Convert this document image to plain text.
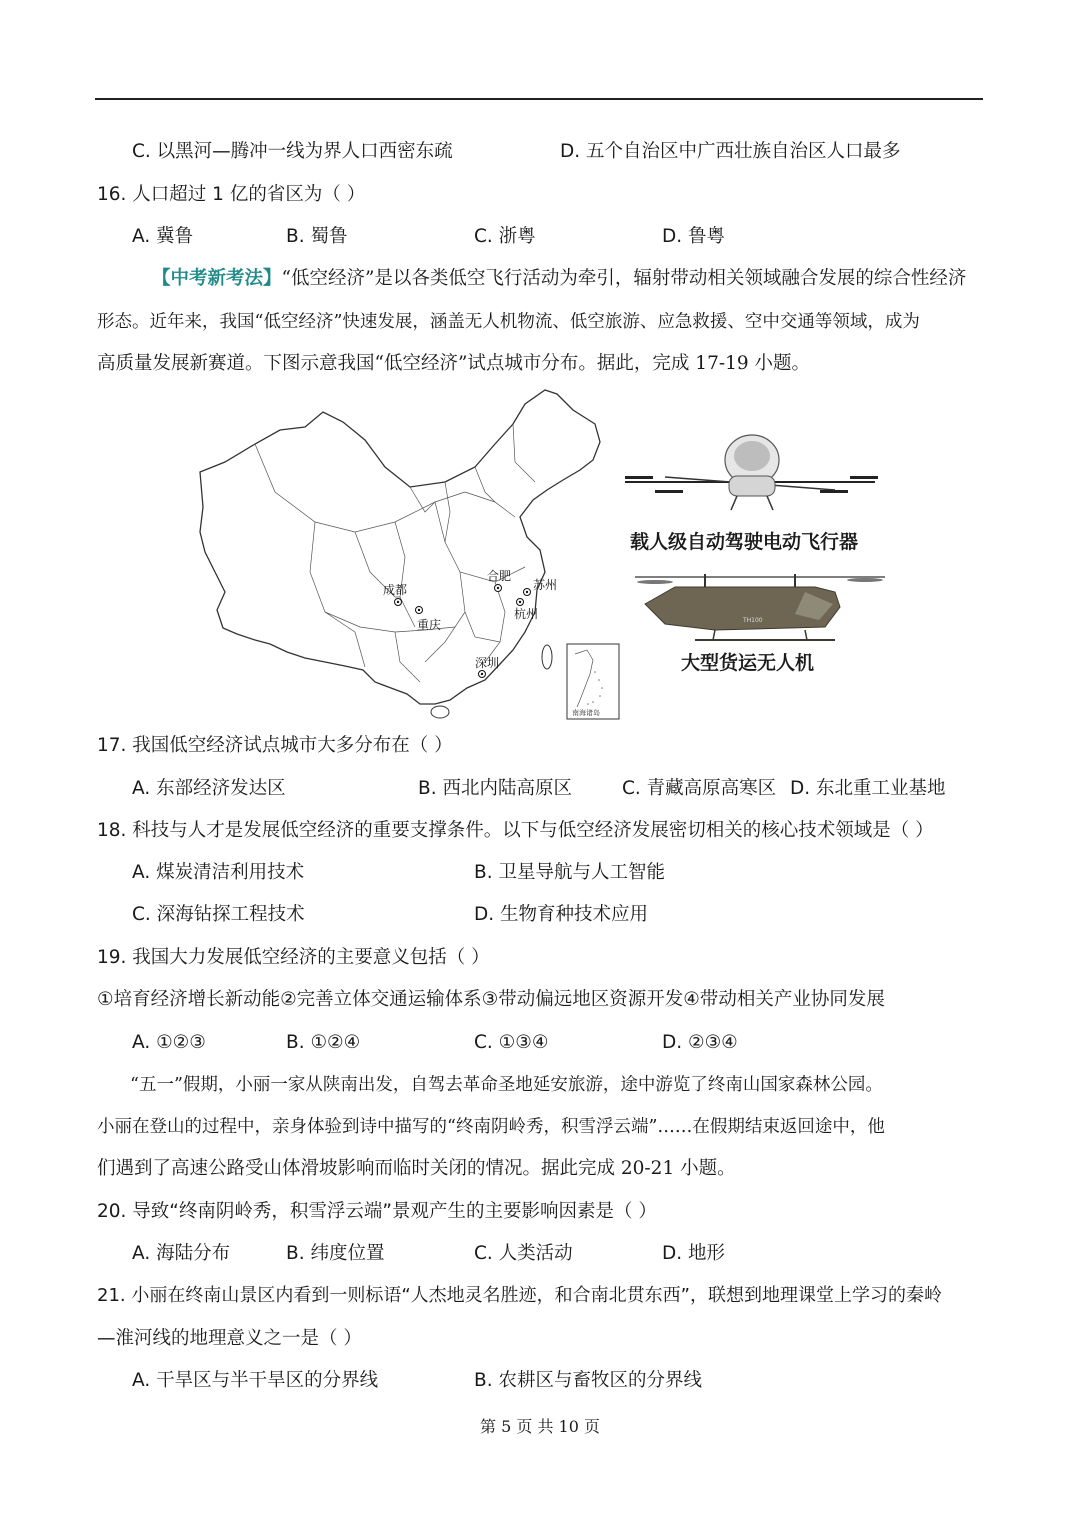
C. 以黑河—腾冲一线为界人口西密东疏	D. 五个自治区中广西壮族自治区人口最多
16. 人口超过 1 亿的省区为（ ）
A. 冀鲁	B. 蜀鲁	C. 浙粤	D. 鲁粤
【中考新考法】“低空经济”是以各类低空飞行活动为牵引，辐射带动相关领域融合发展的综合性经济
形态。近年来，我国“低空经济”快速发展，涵盖无人机物流、低空旅游、应急救援、空中交通等领域，成为
高质量发展新赛道。下图示意我国“低空经济”试点城市分布。据此，完成 17-19 小题。
成都
重庆
合肥
苏州
杭州
深圳
南海诸岛
TH100
载人级自动驾驶电动飞行器
大型货运无人机
17. 我国低空经济试点城市大多分布在（ ）
A. 东部经济发达区	B. 西北内陆高原区	C. 青藏高原高寒区 D. 东北重工业基地
18. 科技与人才是发展低空经济的重要支撑条件。以下与低空经济发展密切相关的核心技术领域是（ ）
A. 煤炭清洁利用技术	B. 卫星导航与人工智能
C. 深海钻探工程技术	D. 生物育种技术应用
19. 我国大力发展低空经济的主要意义包括（ ）
①培育经济增长新动能②完善立体交通运输体系③带动偏远地区资源开发④带动相关产业协同发展
A. ①②③	B. ①②④	C. ①③④	D. ②③④
“五一”假期，小丽一家从陕南出发，自驾去革命圣地延安旅游，途中游览了终南山国家森林公园。
小丽在登山的过程中，亲身体验到诗中描写的“终南阴岭秀，积雪浮云端”……在假期结束返回途中，他
们遇到了高速公路受山体滑坡影响而临时关闭的情况。据此完成 20-21 小题。
20. 导致“终南阴岭秀，积雪浮云端”景观产生的主要影响因素是（ ）
A. 海陆分布	B. 纬度位置	C. 人类活动	D. 地形
21. 小丽在终南山景区内看到一则标语“人杰地灵名胜迹，和合南北贯东西”，联想到地理课堂上学习的秦岭
—淮河线的地理意义之一是（ ）
A. 干旱区与半干旱区的分界线	B. 农耕区与畜牧区的分界线
第 5 页 共 10 页
